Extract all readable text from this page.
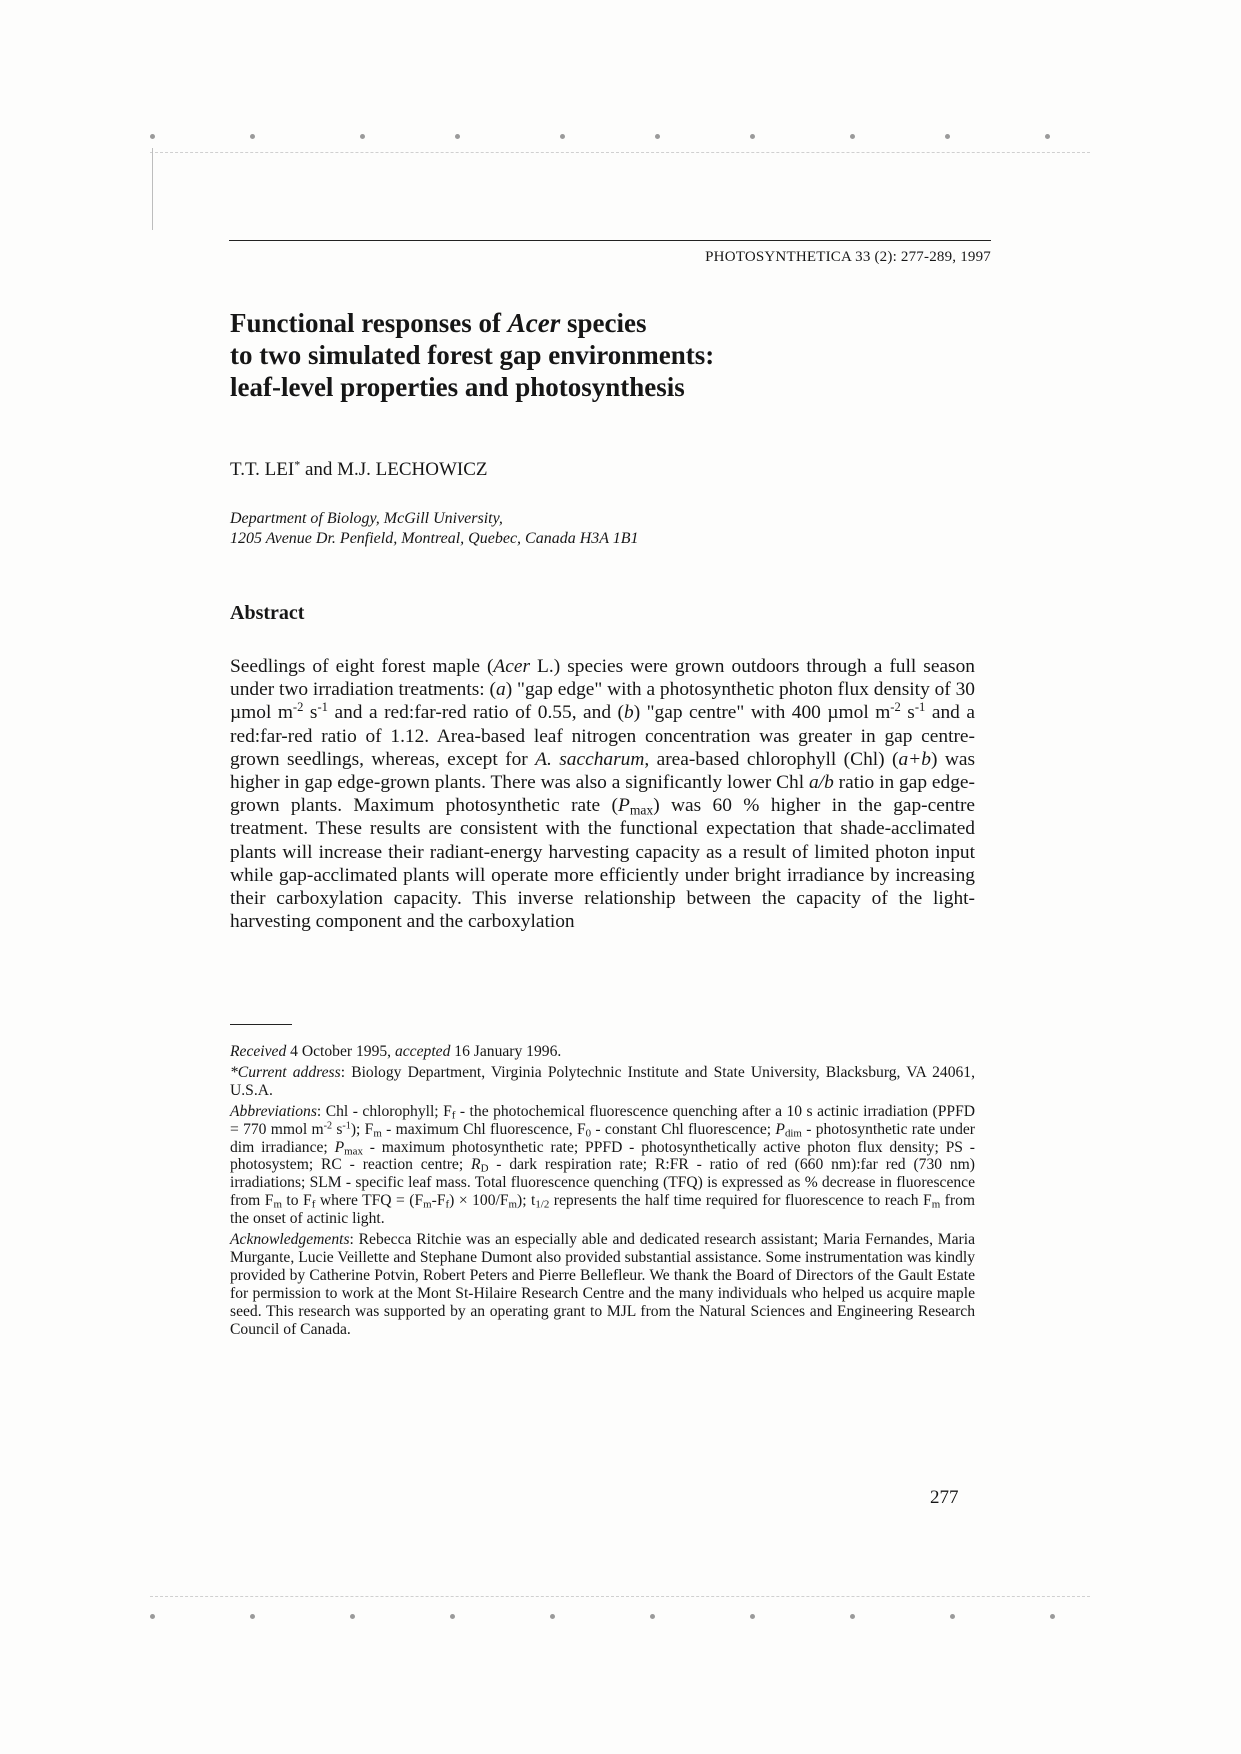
PHOTOSYNTHETICA 33 (2): 277-289, 1997
Functional responses of Acer species
to two simulated forest gap environments:
leaf-level properties and photosynthesis
T.T. LEI* and M.J. LECHOWICZ
Department of Biology, McGill University,
1205 Avenue Dr. Penfield, Montreal, Quebec, Canada H3A 1B1
Abstract
Seedlings of eight forest maple (Acer L.) species were grown outdoors through a full season under two irradiation treatments: (a) "gap edge" with a photosynthetic photon flux density of 30 µmol $m^{-2}$ $s^{-1}$ and a red:far-red ratio of 0.55, and (b) "gap centre" with 400 µmol $m^{-2}$ $s^{-1}$ and a red:far-red ratio of 1.12. Area-based leaf nitrogen concentration was greater in gap centre-grown seedlings, whereas, except for A. saccharum, area-based chlorophyll (Chl) (a+b) was higher in gap edge-grown plants. There was also a significantly lower Chl a/b ratio in gap edge-grown plants. Maximum photosynthetic rate $(P_{max})$ was 60 % higher in the gap-centre treatment. These results are consistent with the functional expectation that shade-acclimated plants will increase their radiant-energy harvesting capacity as a result of limited photon input while gap-acclimated plants will operate more efficiently under bright irradiance by increasing their carboxylation capacity. This inverse relationship between the capacity of the light-harvesting component and the carboxylation

Received 4 October 1995, accepted 16 January 1996.

*Current address: Biology Department, Virginia Polytechnic Institute and State University, Blacksburg, VA 24061, U.S.A.

Abbreviations: Chl - chlorophyll; $F_f$ - the photochemical fluorescence quenching after a 10 s actinic irradiation (PPFD = 770 mmol $m^{-2}$ $s^{-1}$); $F_m$ - maximum Chl fluorescence, $F_0$ - constant Chl fluorescence; $P_{dim}$ - photosynthetic rate under dim irradiance; $P_{max}$ - maximum photosynthetic rate; PPFD - photosynthetically active photon flux density; PS - photosystem; RC - reaction centre; $R_D$ - dark respiration rate; R:FR - ratio of red (660 nm):far red (730 nm) irradiations; SLM - specific leaf mass. Total fluorescence quenching (TFQ) is expressed as % decrease in fluorescence from $F_m$ to $F_f$ where TFQ = $(F_m-F_f) \times 100/F_m$); $t_{1/2}$ represents the half time required for fluorescence to reach $F_m$ from the onset of actinic light.

Acknowledgements: Rebecca Ritchie was an especially able and dedicated research assistant; Maria Fernandes, Maria Murgante, Lucie Veillette and Stephane Dumont also provided substantial assistance. Some instrumentation was kindly provided by Catherine Potvin, Robert Peters and Pierre Bellefleur. We thank the Board of Directors of the Gault Estate for permission to work at the Mont St-Hilaire Research Centre and the many individuals who helped us acquire maple seed. This research was supported by an operating grant to MJL from the Natural Sciences and Engineering Research Council of Canada.

277
